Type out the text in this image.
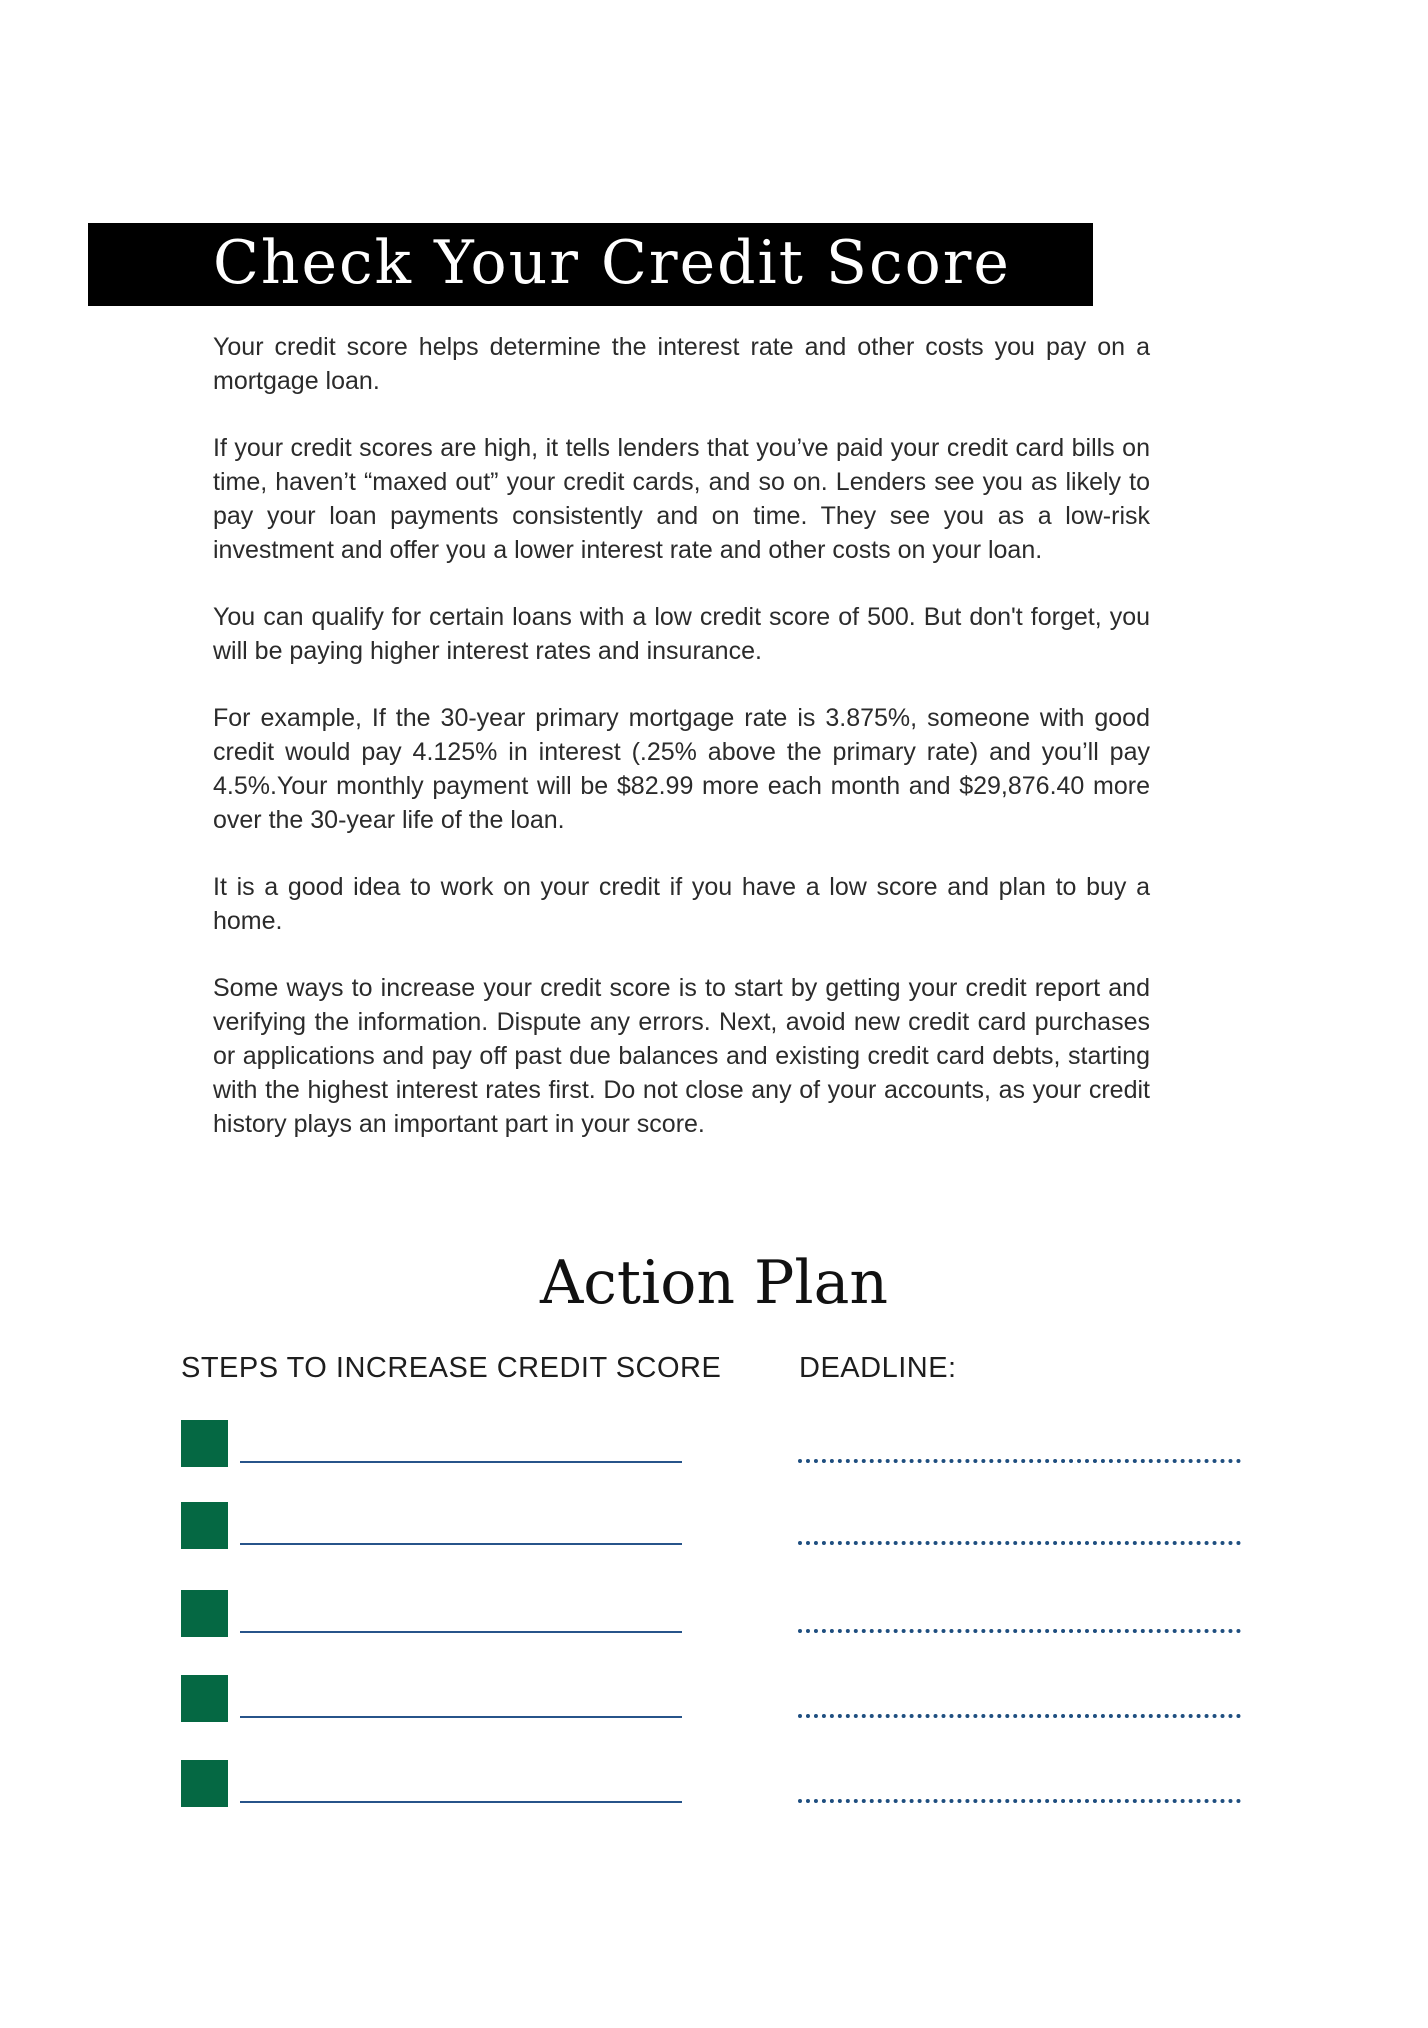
Check Your Credit Score

Your credit score helps determine the interest rate and other costs you pay on a mortgage loan.

If your credit scores are high, it tells lenders that you’ve paid your credit card bills on time, haven’t “maxed out” your credit cards, and so on. Lenders see you as likely to pay your loan payments consistently and on time. They see you as a low-risk investment and offer you a lower interest rate and other costs on your loan.

You can qualify for certain loans with a low credit score of 500. But don't forget, you will be paying higher interest rates and insurance.

For example, If the 30-year primary mortgage rate is 3.875%, someone with good credit would pay 4.125% in interest (.25% above the primary rate) and you’ll pay 4.5%.Your monthly payment will be $82.99 more each month and $29,876.40 more over the 30-year life of the loan.

It is a good idea to work on your credit if you have a low score and plan to buy a home.

Some ways to increase your credit score is to start by getting your credit report and verifying the information. Dispute any errors. Next, avoid new credit card purchases or applications and pay off past due balances and existing credit card debts, starting with the highest interest rates first. Do not close any of your accounts, as your credit history plays an important part in your score.

Action Plan
STEPS TO INCREASE CREDIT SCORE	DEADLINE:
